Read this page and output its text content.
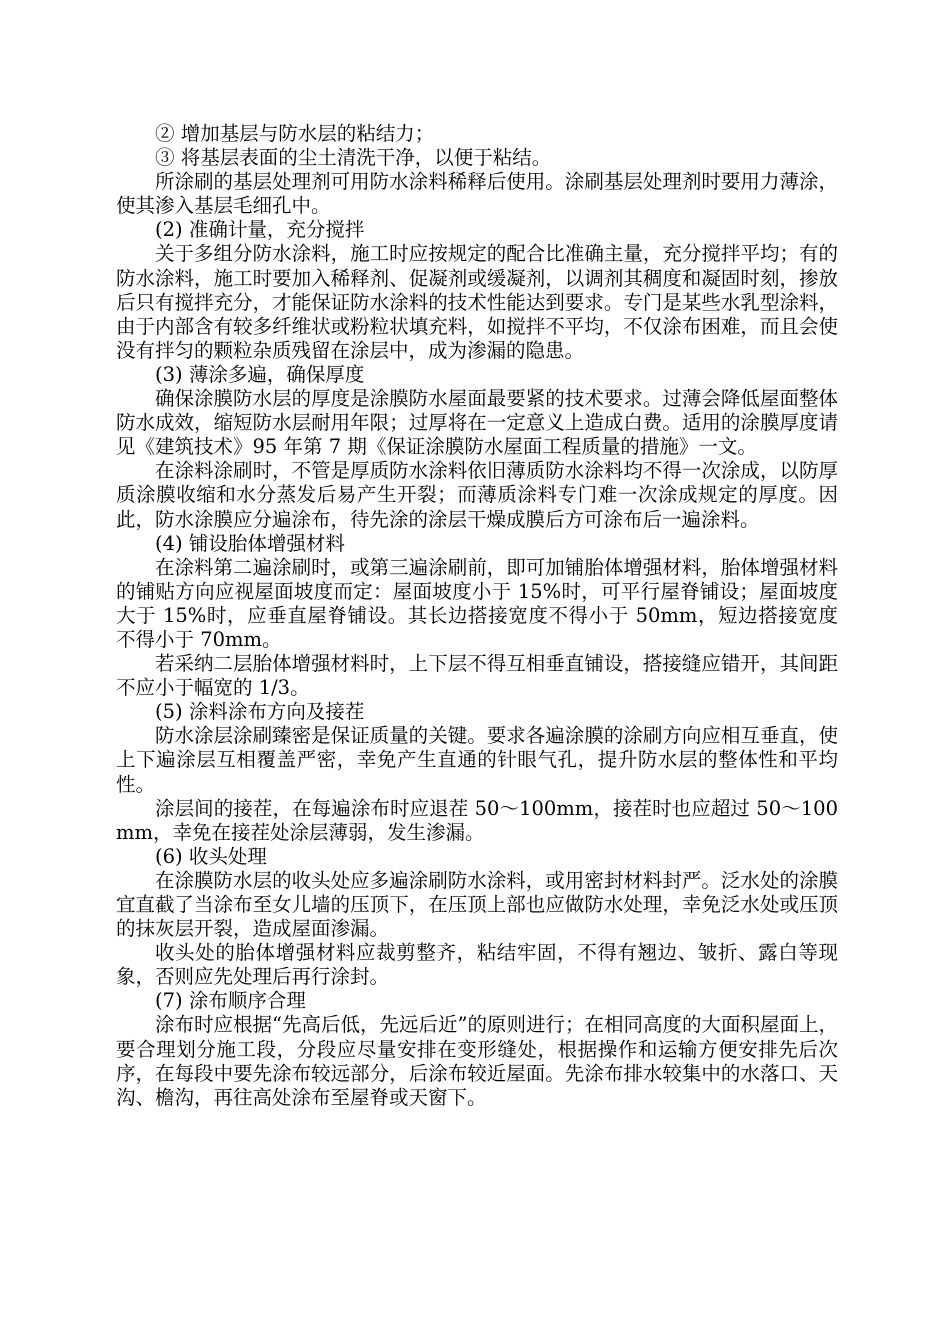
② 增加基层与防水层的粘结力；

③ 将基层表面的尘土清洗干净，以便于粘结。

所涂刷的基层处理剂可用防水涂料稀释后使用。涂刷基层处理剂时要用力薄涂，使其渗入基层毛细孔中。

(2) 准确计量，充分搅拌

关于多组分防水涂料，施工时应按规定的配合比准确主量，充分搅拌平均；有的防水涂料，施工时要加入稀释剂、促凝剂或缓凝剂，以调剂其稠度和凝固时刻，掺放后只有搅拌充分，才能保证防水涂料的技术性能达到要求。专门是某些水乳型涂料，由于内部含有较多纤维状或粉粒状填充料，如搅拌不平均，不仅涂布困难，而且会使没有拌匀的颗粒杂质残留在涂层中，成为渗漏的隐患。

(3) 薄涂多遍，确保厚度

确保涂膜防水层的厚度是涂膜防水屋面最要紧的技术要求。过薄会降低屋面整体防水成效，缩短防水层耐用年限；过厚将在一定意义上造成白费。适用的涂膜厚度请见《建筑技术》95 年第 7 期《保证涂膜防水屋面工程质量的措施》一文。

在涂料涂刷时，不管是厚质防水涂料依旧薄质防水涂料均不得一次涂成，以防厚质涂膜收缩和水分蒸发后易产生开裂；而薄质涂料专门难一次涂成规定的厚度。因此，防水涂膜应分遍涂布，待先涂的涂层干燥成膜后方可涂布后一遍涂料。

(4) 铺设胎体增强材料

在涂料第二遍涂刷时，或第三遍涂刷前，即可加铺胎体增强材料，胎体增强材料的铺贴方向应视屋面坡度而定：屋面坡度小于 15%时，可平行屋脊铺设；屋面坡度大于 15%时，应垂直屋脊铺设。其长边搭接宽度不得小于 50mm，短边搭接宽度不得小于 70mm。

若采纳二层胎体增强材料时，上下层不得互相垂直铺设，搭接缝应错开，其间距不应小于幅宽的 1/3。

(5) 涂料涂布方向及接茬

防水涂层涂刷臻密是保证质量的关键。要求各遍涂膜的涂刷方向应相互垂直，使上下遍涂层互相覆盖严密，幸免产生直通的针眼气孔，提升防水层的整体性和平均性。

涂层间的接茬，在每遍涂布时应退茬 50～100mm，接茬时也应超过 50～100mm，幸免在接茬处涂层薄弱，发生渗漏。

(6) 收头处理

在涂膜防水层的收头处应多遍涂刷防水涂料，或用密封材料封严。泛水处的涂膜宜直截了当涂布至女儿墙的压顶下，在压顶上部也应做防水处理，幸免泛水处或压顶的抹灰层开裂，造成屋面渗漏。

收头处的胎体增强材料应裁剪整齐，粘结牢固，不得有翘边、皱折、露白等现象，否则应先处理后再行涂封。

(7) 涂布顺序合理

涂布时应根据“先高后低，先远后近”的原则进行；在相同高度的大面积屋面上，要合理划分施工段，分段应尽量安排在变形缝处，根据操作和运输方便安排先后次序，在每段中要先涂布较远部分，后涂布较近屋面。先涂布排水较集中的水落口、天沟、檐沟，再往高处涂布至屋脊或天窗下。
